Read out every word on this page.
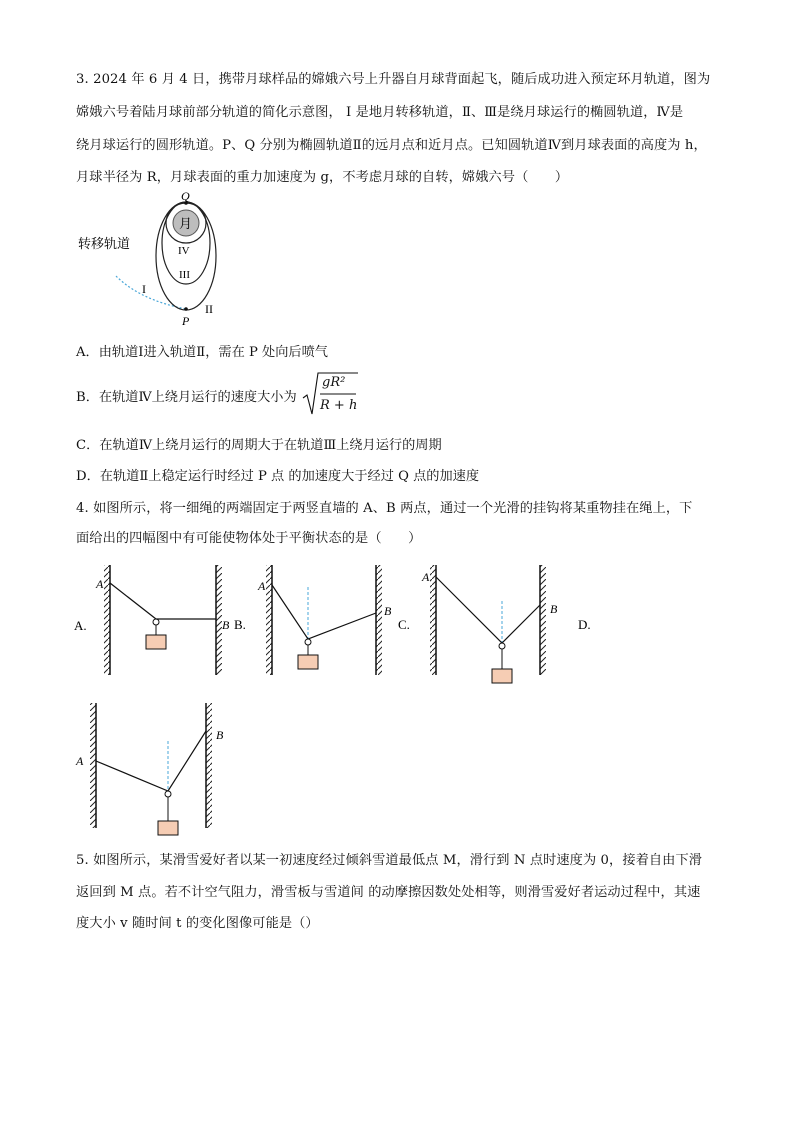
3. 2024 年 6 月 4 日，携带月球样品的嫦娥六号上升器自月球背面起飞，随后成功进入预定环月轨道，图为
嫦娥六号着陆月球前部分轨道的简化示意图， Ⅰ 是地月转移轨道，Ⅱ、Ⅲ是绕月球运行的椭圆轨道，Ⅳ是
绕月球运行的圆形轨道。P、Q 分别为椭圆轨道Ⅱ的远月点和近月点。已知圆轨道Ⅳ到月球表面的高度为 h，
月球半径为 R，月球表面的重力加速度为 g，不考虑月球的自转，嫦娥六号（　　）
转移轨道
I
月
Q
IV
III
P
II
A．由轨道Ⅰ进入轨道Ⅱ，需在 P 处向后喷气
B．在轨道Ⅳ上绕月运行的速度大小为
gR²
R + h
C．在轨道Ⅳ上绕月运行的周期大于在轨道Ⅲ上绕月运行的周期
D．在轨道Ⅱ上稳定运行时经过 P 点 的加速度大于经过 Q 点的加速度
4. 如图所示，将一细绳的两端固定于两竖直墙的 A、B 两点，通过一个光滑的挂钩将某重物挂在绳上，下
面给出的四幅图中有可能使物体处于平衡状态的是（　　）
A.
A
B B.
A
B
C.
A
B
D.
A
B
5. 如图所示，某滑雪爱好者以某一初速度经过倾斜雪道最低点 M，滑行到 N 点时速度为 0，接着自由下滑
返回到 M 点。若不计空气阻力，滑雪板与雪道间 的动摩擦因数处处相等，则滑雪爱好者运动过程中，其速
度大小 v 随时间 t 的变化图像可能是（）
